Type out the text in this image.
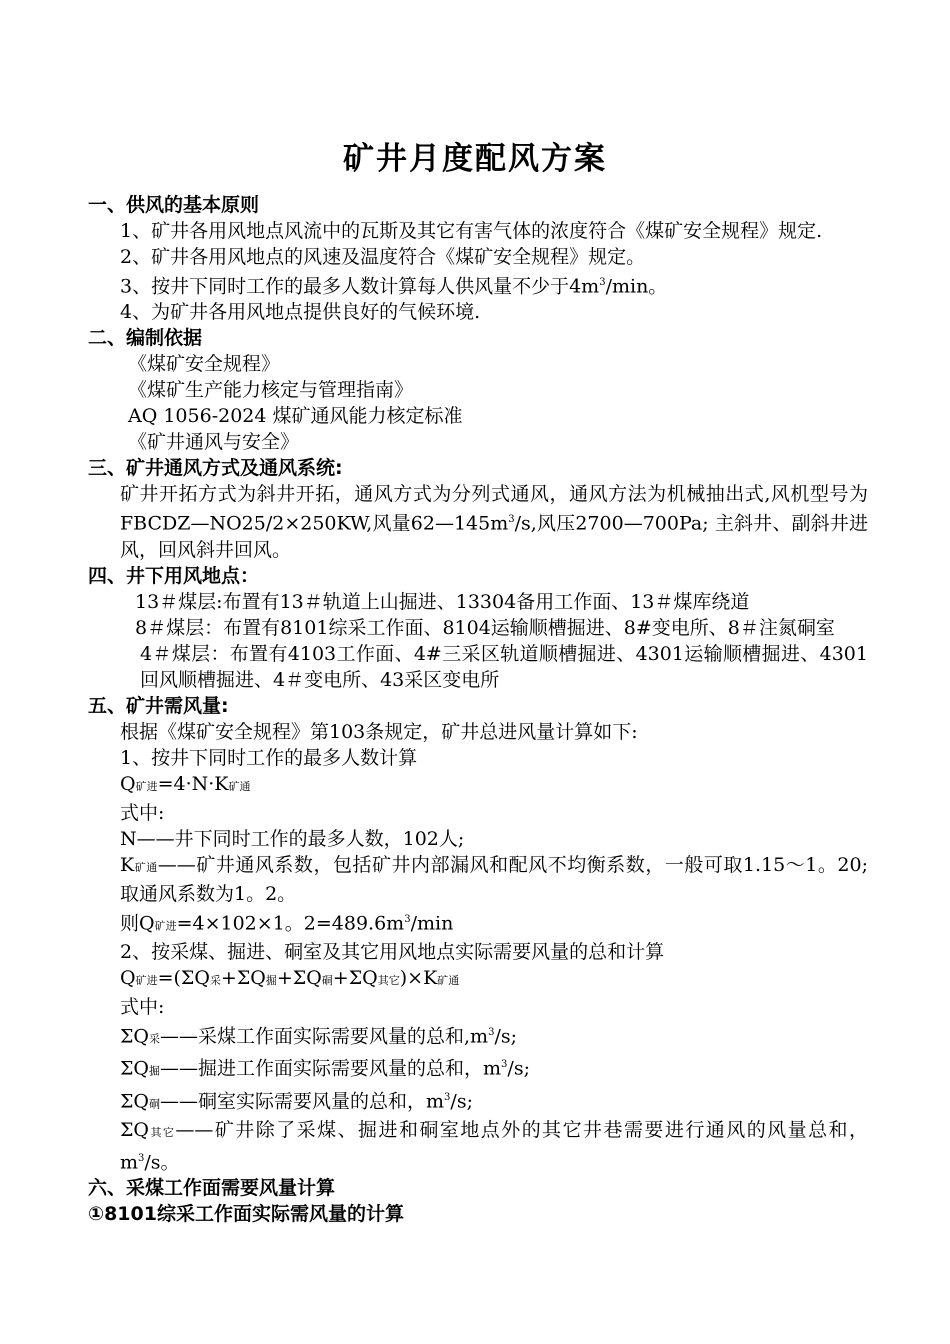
矿井月度配风方案
一、供风的基本原则
1、矿井各用风地点风流中的瓦斯及其它有害气体的浓度符合《煤矿安全规程》规定.
2、矿井各用风地点的风速及温度符合《煤矿安全规程》规定。
3、按井下同时工作的最多人数计算每人供风量不少于$4m^3/\min$。
4、为矿井各用风地点提供良好的气候环境.
二、编制依据
《煤矿安全规程》
《煤矿生产能力核定与管理指南》
AQ 1056-2024 煤矿通风能力核定标准
《矿井通风与安全》
三、矿井通风方式及通风系统:
矿井开拓方式为斜井开拓，通风方式为分列式通风，通风方法为机械抽出式,风机型号为FBCDZ—NO25/2×250KW,风量$62—145m^3/s$,风压2700—700Pa; 主斜井、副斜井进风，回风斜井回风。
四、井下用风地点：
13＃煤层:布置有13＃轨道上山掘进、13304备用工作面、13＃煤库绕道
8＃煤层：布置有8101综采工作面、8104运输顺槽掘进、8#变电所、8＃注氮硐室
4＃煤层：布置有4103工作面、4#三采区轨道顺槽掘进、4301运输顺槽掘进、4301回风顺槽掘进、4＃变电所、43采区变电所
五、矿井需风量:
根据《煤矿安全规程》第103条规定，矿井总进风量计算如下:
1、按井下同时工作的最多人数计算
Q矿进=4·N·K矿通
式中:
N——井下同时工作的最多人数，102人;
K矿通——矿井通风系数，包括矿井内部漏风和配风不均衡系数，一般可取1.15～1。20; 取通风系数为1。2。
则Q矿进=4×102×1。$2=489.6m^3/\min$
2、按采煤、掘进、硐室及其它用风地点实际需要风量的总和计算
Q矿进=(ΣQ采+ΣQ掘+ΣQ硐+ΣQ其它)×K矿通
式中:
ΣQ采——采煤工作面实际需要风量的总和$,m^3/s$;
ΣQ掘——掘进工作面实际需要风量的总和，$m^3/s$;
ΣQ硐——硐室实际需要风量的总和，$m^3/s$;
ΣQ其它——矿井除了采煤、掘进和硐室地点外的其它井巷需要进行通风的风量总和，$m^3/s$。
六、采煤工作面需要风量计算
①8101综采工作面实际需风量的计算
